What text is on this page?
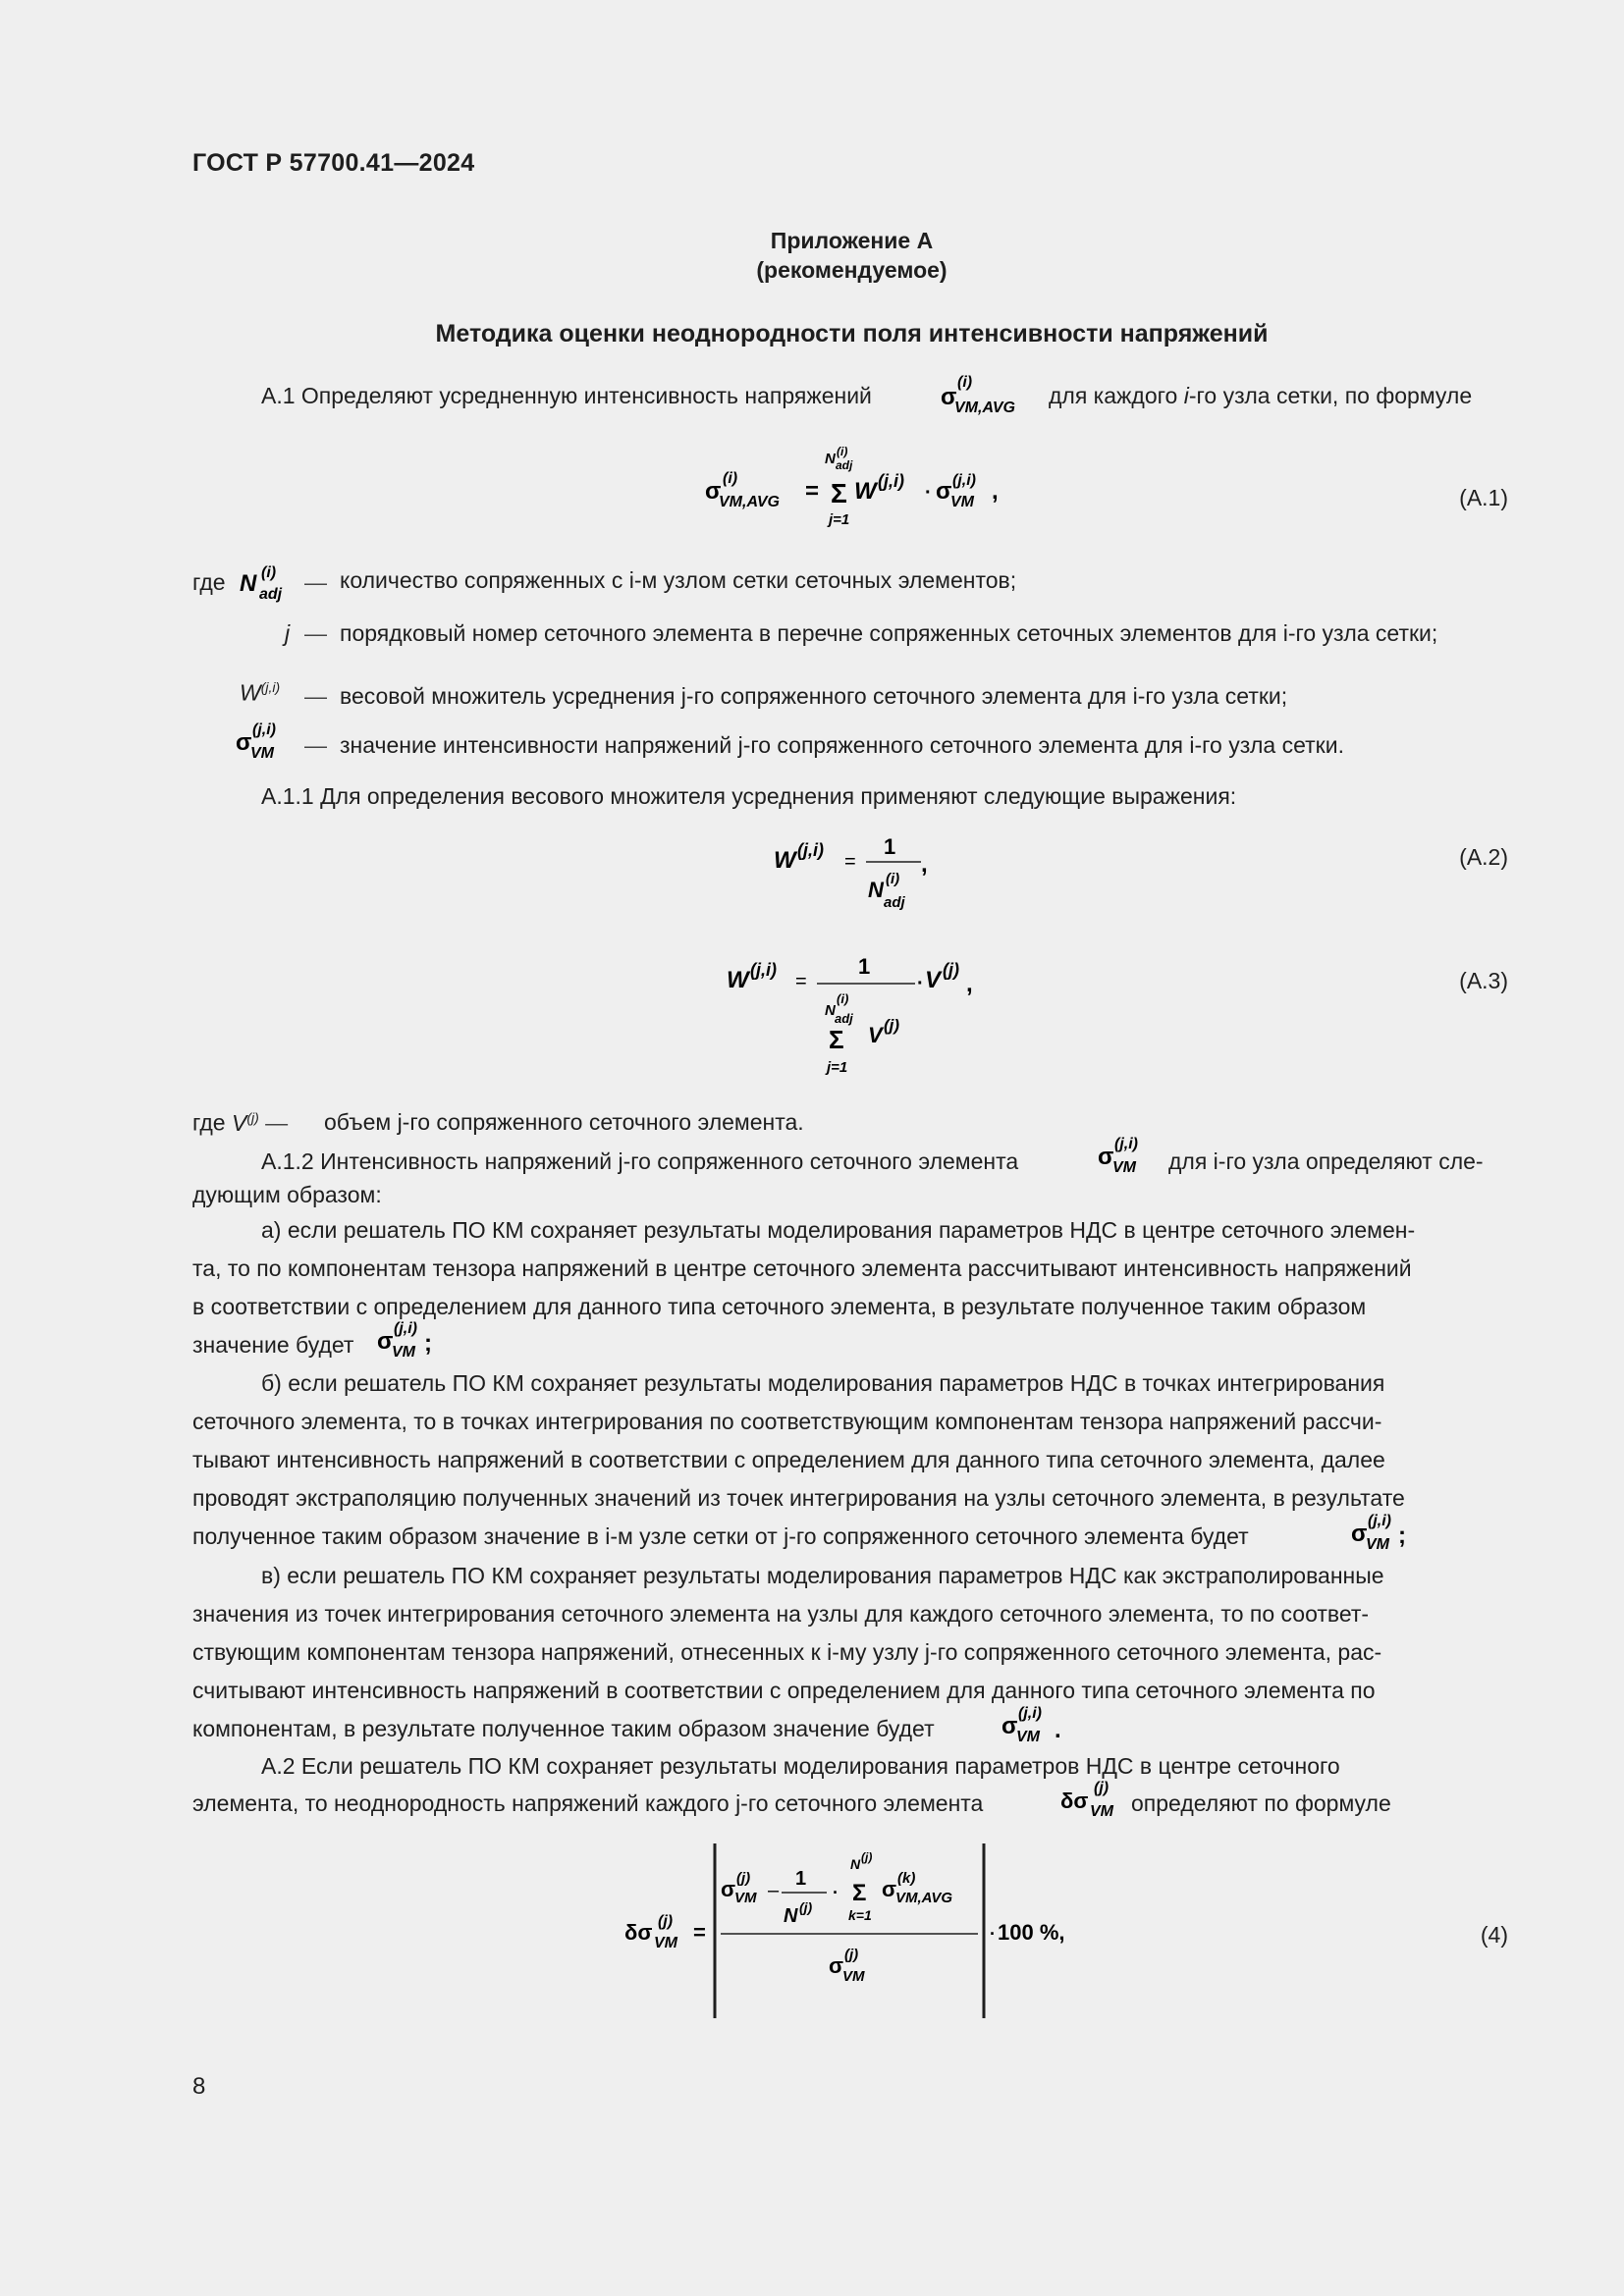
ГОСТ Р 57700.41—2024
Приложение А
(рекомендуемое)
Методика оценки неоднородности поля интенсивности напряжений
А.1 Определяют усредненную интенсивность напряжений	σ
(i)
VM,AVG для каждого i-го узла сетки, по формуле
σ (i)
VM,AVG =
N (i)
adj
Σ
j=1
W (j,i)
· σ (j,i)
VM ,	(А.1)
где N (i)
adj — количество сопряженных с i-м узлом сетки сеточных элементов;
j — порядковый номер сеточного элемента в перечне сопряженных сеточных элементов для i-го узла сетки;
W$^{(j,i)}$ — весовой множитель усреднения j-го сопряженного сеточного элемента для i-го узла сетки;
σ (j,i)
VM — значение интенсивности напряжений j-го сопряженного сеточного элемента для i-го узла сетки.
А.1.1 Для определения весового множителя усреднения применяют следующие выражения:
W (j,i)
=
1
N (i)
adj
,	(А.2)
W (j,i)
=
1
N
(i)
adj
Σ
j=1
V (j)
· V (j)
,	(А.3)
где $V^{(j)}$ — объем j-го сопряженного сеточного элемента.
А.1.2 Интенсивность напряжений j-го сопряженного сеточного элемента	σ (j,i)
VM для i-го узла определяют сле-
дующим образом:
а) если решатель ПО КМ сохраняет результаты моделирования параметров НДС в центре сеточного элемен-
та, то по компонентам тензора напряжений в центре сеточного элемента рассчитывают интенсивность напряжений
в соответствии с определением для данного типа сеточного элемента, в результате полученное таким образом
значение будет σ (j,i)
VM ;
б) если решатель ПО КМ сохраняет результаты моделирования параметров НДС в точках интегрирования
сеточного элемента, то в точках интегрирования по соответствующим компонентам тензора напряжений рассчи-
тывают интенсивность напряжений в соответствии с определением для данного типа сеточного элемента, далее
проводят экстраполяцию полученных значений из точек интегрирования на узлы сеточного элемента, в результате
полученное таким образом значение в i-м узле сетки от j-го сопряженного сеточного элемента будет	σ (j,i)
VM ;
в) если решатель ПО КМ сохраняет результаты моделирования параметров НДС как экстраполированные
значения из точек интегрирования сеточного элемента на узлы для каждого сеточного элемента, то по соответ-
ствующим компонентам тензора напряжений, отнесенных к i-му узлу j-го сопряженного сеточного элемента, рас-
считывают интенсивность напряжений в соответствии с определением для данного типа сеточного элемента по
компонентам, в результате полученное таким образом значение будет	σ (j,i)
VM .
А.2 Если решатель ПО КМ сохраняет результаты моделирования параметров НДС в центре сеточного
элемента, то неоднородность напряжений каждого j-го сеточного элемента	δσ
(j)
VM определяют по формуле
δσ (j)
VM =
σ (j)
VM –
1
N (j)
·
N (j)
Σ
k=1
σ (k)
VM,AVG
σ (j)
VM
· 100 %,	(4)
8
